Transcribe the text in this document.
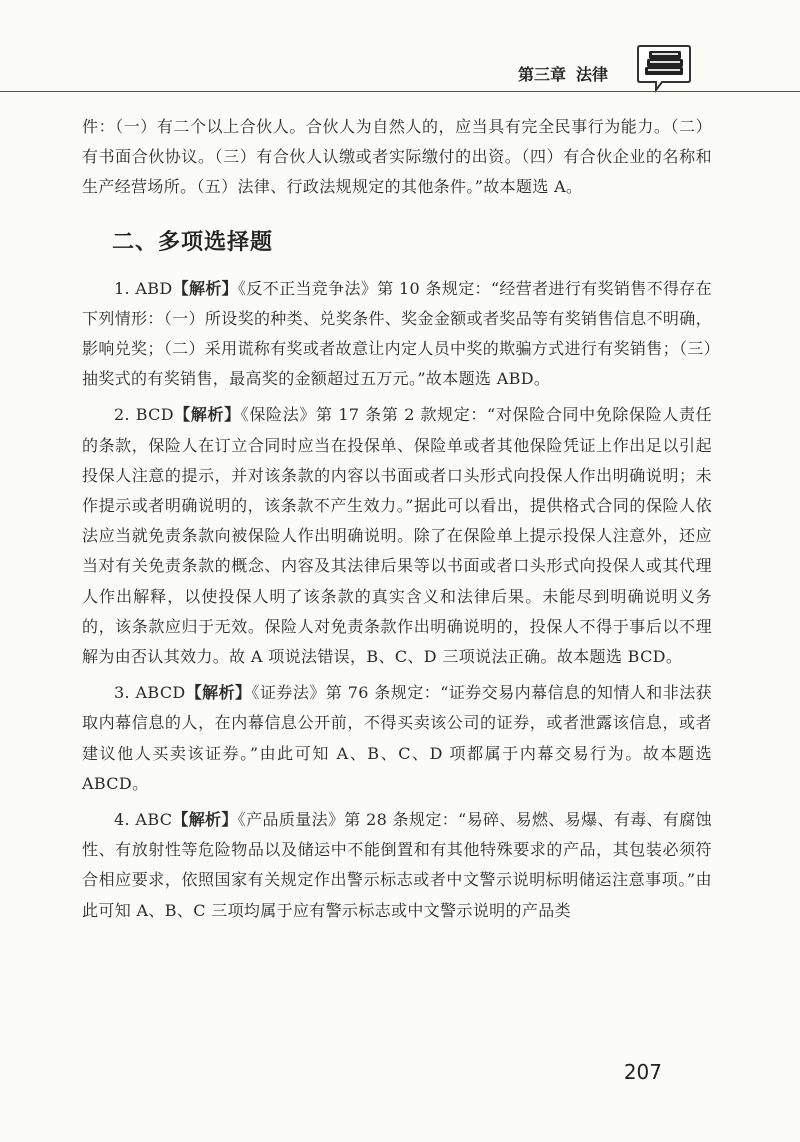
第三章 法律

件：（一）有二个以上合伙人。合伙人为自然人的，应当具有完全民事行为能力。（二）有书面合伙协议。（三）有合伙人认缴或者实际缴付的出资。（四）有合伙企业的名称和生产经营场所。（五）法律、行政法规规定的其他条件。”故本题选 A。

二、多项选择题

1. ABD【解析】《反不正当竞争法》第 10 条规定：“经营者进行有奖销售不得存在下列情形：（一）所设奖的种类、兑奖条件、奖金金额或者奖品等有奖销售信息不明确，影响兑奖；（二）采用谎称有奖或者故意让内定人员中奖的欺骗方式进行有奖销售；（三）抽奖式的有奖销售，最高奖的金额超过五万元。”故本题选 ABD。

2. BCD【解析】《保险法》第 17 条第 2 款规定：“对保险合同中免除保险人责任的条款，保险人在订立合同时应当在投保单、保险单或者其他保险凭证上作出足以引起投保人注意的提示，并对该条款的内容以书面或者口头形式向投保人作出明确说明；未作提示或者明确说明的，该条款不产生效力。”据此可以看出，提供格式合同的保险人依法应当就免责条款向被保险人作出明确说明。除了在保险单上提示投保人注意外，还应当对有关免责条款的概念、内容及其法律后果等以书面或者口头形式向投保人或其代理人作出解释，以使投保人明了该条款的真实含义和法律后果。未能尽到明确说明义务的，该条款应归于无效。保险人对免责条款作出明确说明的，投保人不得于事后以不理解为由否认其效力。故 A 项说法错误，B、C、D 三项说法正确。故本题选 BCD。

3. ABCD【解析】《证券法》第 76 条规定：“证券交易内幕信息的知情人和非法获取内幕信息的人，在内幕信息公开前，不得买卖该公司的证券，或者泄露该信息，或者建议他人买卖该证券。”由此可知 A、B、C、D 项都属于内幕交易行为。故本题选 ABCD。

4. ABC【解析】《产品质量法》第 28 条规定：“易碎、易燃、易爆、有毒、有腐蚀性、有放射性等危险物品以及储运中不能倒置和有其他特殊要求的产品，其包装必须符合相应要求，依照国家有关规定作出警示标志或者中文警示说明标明储运注意事项。”由此可知 A、B、C 三项均属于应有警示标志或中文警示说明的产品类

207
